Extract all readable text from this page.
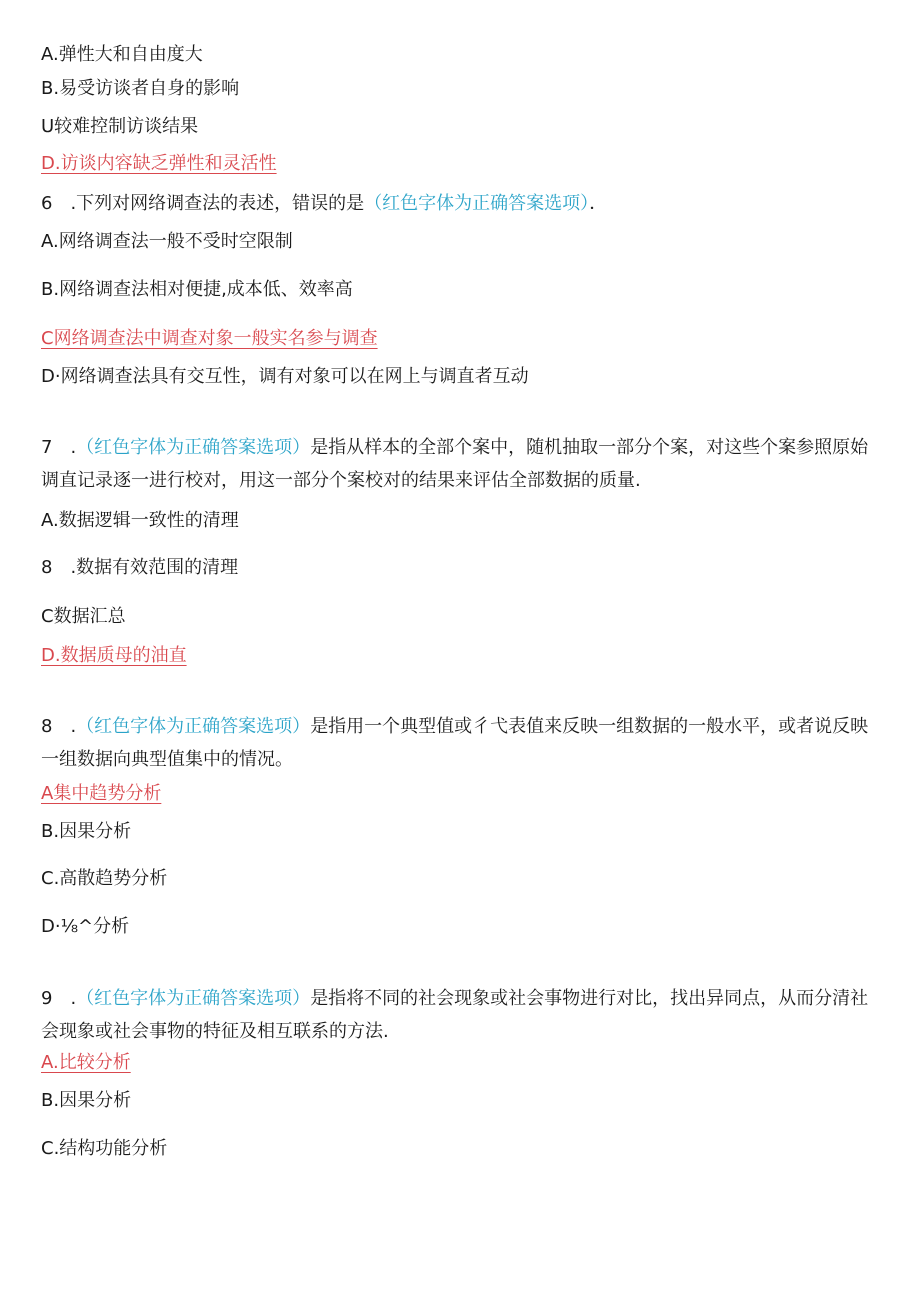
A.弹性大和自由度大
B.易受访谈者自身的影响
U较难控制访谈结果
D.访谈内容缺乏弹性和灵活性
6　.下列对网络调查法的表述，错误的是（红色字体为正确答案选项）．
A.网络调查法一般不受时空限制
B.网络调查法相对便捷,成本低、效率高
C网络调查法中调查对象一般实名参与调查
D·网络调查法具有交互性，调有对象可以在网上与调直者互动
7　.（红色字体为正确答案选项）是指从样本的全部个案中，随机抽取一部分个案，对这些个案参照原始调直记录逐一进行校对，用这一部分个案校对的结果来评估全部数据的质量.
A.数据逻辑一致性的清理
8　.数据有效范围的清理
C数据汇总
D.数据质母的油直
8　.（红色字体为正确答案选项）是指用一个典型值或彳弋表值来反映一组数据的一般水平，或者说反映一组数据向典型值集中的情况。
A集中趋势分析
B.因果分析
C.高散趋势分析
D·⅛^分析
9　.（红色字体为正确答案选项）是指将不同的社会现象或社会事物进行对比，找出异同点，从而分清社会现象或社会事物的特征及相互联系的方法.
A.比较分析
B.因果分析
C.结构功能分析
